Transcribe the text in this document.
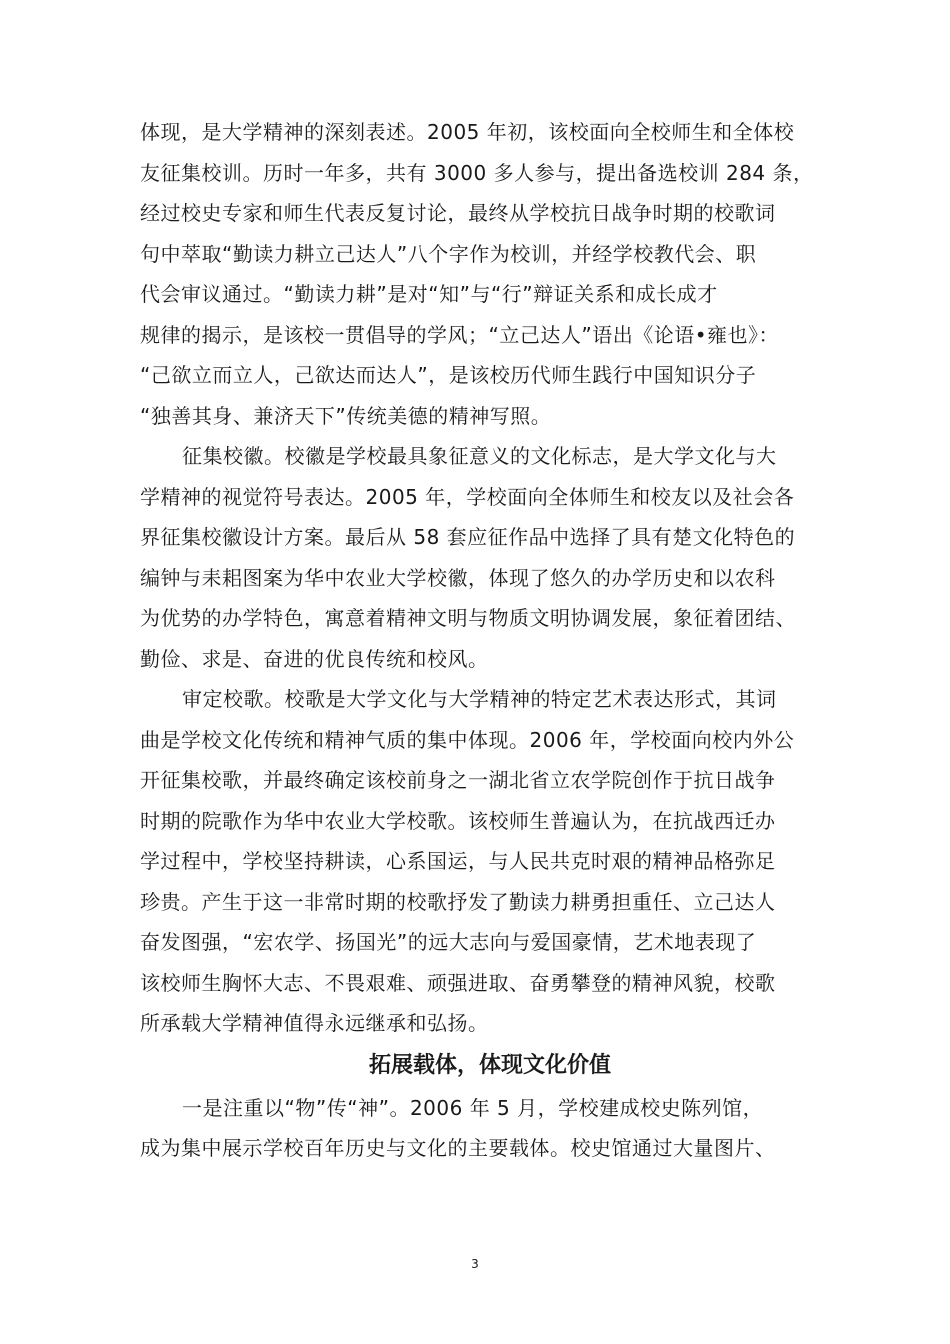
体现，是大学精神的深刻表述。2005 年初，该校面向全校师生和全体校
友征集校训。历时一年多，共有 3000 多人参与，提出备选校训 284 条，
经过校史专家和师生代表反复讨论，最终从学校抗日战争时期的校歌词
句中萃取“勤读力耕立己达人”八个字作为校训，并经学校教代会、职
代会审议通过。“勤读力耕”是对“知”与“行”辩证关系和成长成才
规律的揭示，是该校一贯倡导的学风；“立己达人”语出《论语•雍也》：
“己欲立而立人，己欲达而达人”，是该校历代师生践行中国知识分子
“独善其身、兼济天下”传统美德的精神写照。
征集校徽。校徽是学校最具象征意义的文化标志，是大学文化与大
学精神的视觉符号表达。2005 年，学校面向全体师生和校友以及社会各
界征集校徽设计方案。最后从 58 套应征作品中选择了具有楚文化特色的
编钟与耒耜图案为华中农业大学校徽，体现了悠久的办学历史和以农科
为优势的办学特色，寓意着精神文明与物质文明协调发展，象征着团结、
勤俭、求是、奋进的优良传统和校风。
审定校歌。校歌是大学文化与大学精神的特定艺术表达形式，其词
曲是学校文化传统和精神气质的集中体现。2006 年，学校面向校内外公
开征集校歌，并最终确定该校前身之一湖北省立农学院创作于抗日战争
时期的院歌作为华中农业大学校歌。该校师生普遍认为，在抗战西迁办
学过程中，学校坚持耕读，心系国运，与人民共克时艰的精神品格弥足
珍贵。产生于这一非常时期的校歌抒发了勤读力耕勇担重任、立己达人
奋发图强，“宏农学、扬国光”的远大志向与爱国豪情，艺术地表现了
该校师生胸怀大志、不畏艰难、顽强进取、奋勇攀登的精神风貌，校歌
所承载大学精神值得永远继承和弘扬。
拓展载体，体现文化价值
一是注重以“物”传“神”。2006 年 5 月，学校建成校史陈列馆，
成为集中展示学校百年历史与文化的主要载体。校史馆通过大量图片、
3
